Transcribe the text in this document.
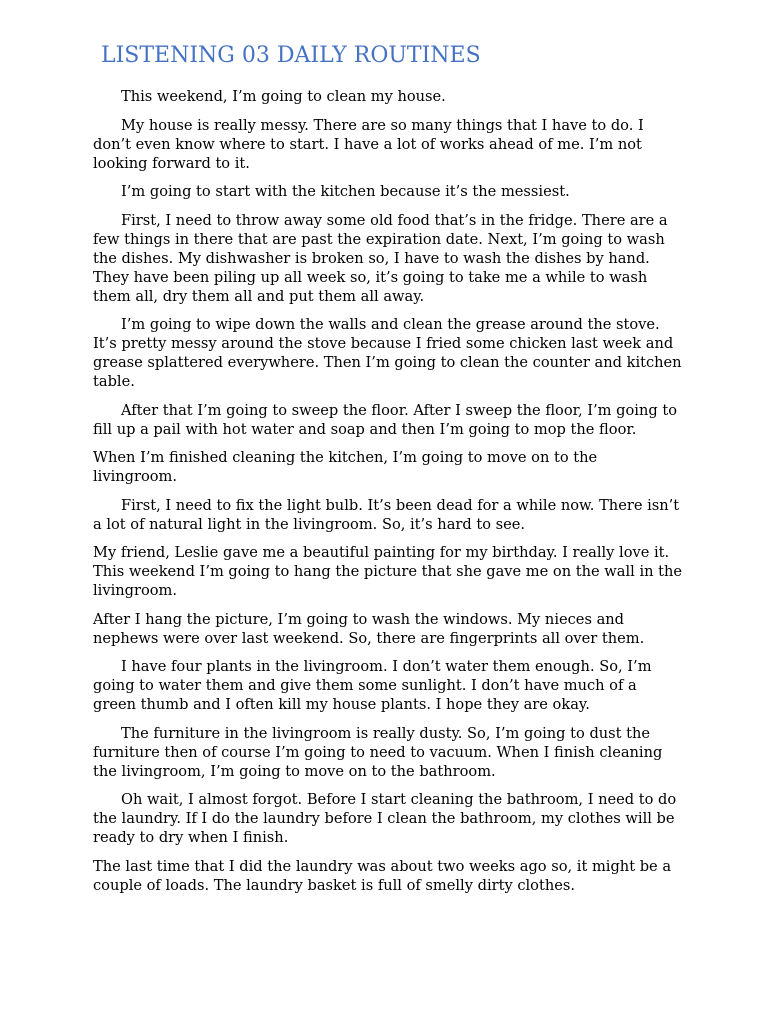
LISTENING 03 DAILY ROUTINES

This weekend, I’m going to clean my house.

My house is really messy. There are so many things that I have to do. I don’t even know where to start. I have a lot of works ahead of me. I’m not looking forward to it.

I’m going to start with the kitchen because it’s the messiest.

First, I need to throw away some old food that’s in the fridge. There are a few things in there that are past the expiration date. Next, I’m going to wash the dishes. My dishwasher is broken so, I have to wash the dishes by hand. They have been piling up all week so, it’s going to take me a while to wash them all, dry them all and put them all away.

I’m going to wipe down the walls and clean the grease around the stove. It’s pretty messy around the stove because I fried some chicken last week and grease splattered everywhere. Then I’m going to clean the counter and kitchen table.

After that I’m going to sweep the floor. After I sweep the floor, I’m going to fill up a pail with hot water and soap and then I’m going to mop the floor.

When I’m finished cleaning the kitchen, I’m going to move on to the livingroom.

First, I need to fix the light bulb. It’s been dead for a while now. There isn’t a lot of natural light in the livingroom. So, it’s hard to see.

My friend, Leslie gave me a beautiful painting for my birthday. I really love it. This weekend I’m going to hang the picture that she gave me on the wall in the livingroom.

After I hang the picture, I’m going to wash the windows. My nieces and nephews were over last weekend. So, there are fingerprints all over them.

I have four plants in the livingroom. I don’t water them enough. So, I’m going to water them and give them some sunlight. I don’t have much of a green thumb and I often kill my house plants. I hope they are okay.

The furniture in the livingroom is really dusty. So, I’m going to dust the furniture then of course I’m going to need to vacuum. When I finish cleaning the livingroom, I’m going to move on to the bathroom.

Oh wait, I almost forgot. Before I start cleaning the bathroom, I need to do the laundry. If I do the laundry before I clean the bathroom, my clothes will be ready to dry when I finish.

The last time that I did the laundry was about two weeks ago so, it might be a couple of loads. The laundry basket is full of smelly dirty clothes.
